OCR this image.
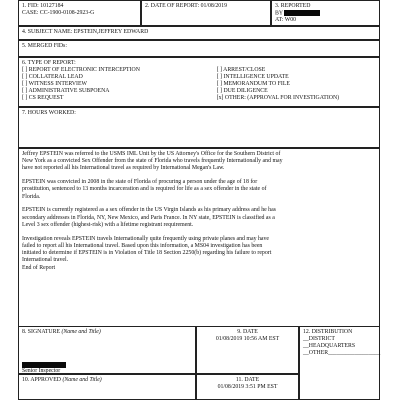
1. FID: 10127184
CASE: CC-1900-0108-2923-G
2. DATE OF REPORT: 01/08/2019	3. REPORTED
BY
AT: W00
4. SUBJECT NAME: EPSTEIN,JEFFREY EDWARD
5. MERGED FIDs:
6. TYPE OF REPORT:
[ ] REPORT OF ELECTRONIC INTERCEPTION
[ ] COLLATERAL LEAD
[ ] WITNESS INTERVIEW
[ ] ADMINISTRATIVE SUBPOENA
[ ] CS REQUEST
[ ] ARREST/CLOSE
[ ] INTELLIGENCE UPDATE
[ ] MEMORANDUM TO FILE
[ ] DUE DILIGENCE
[x] OTHER: (APPROVAL FOR INVESTIGATION)
7. HOURS WORKED:

Jeffrey EPSTEIN was referred to the USMS IML Unit by the US Attorney's Office for the Southern District of
New York as a convicted Sex Offender from the state of Florida who travels frequently Internationally and may
have not reported all his International travel as required by International Megan's Law.

EPSTEIN was convicted in 2008 in the state of Florida of procuring a person under the age of 18 for
prostitution, sentenced to 13 months incarceration and is required for life as a sex offender in the state of
Florida.

EPSTEIN is currently registered as a sex offender in the US Virgin Islands as his primary address and he has
secondary addresses in Florida, NY, New Mexico, and Paris France. In NY state, EPSTEIN is classified as a
Level 3 sex offender (highest-risk) with a lifetime registrant requirement.

Investigation reveals EPSTEIN travels Internationally quite frequently using private planes and may have
failed to report all his International travel. Based upon this information, a MS04 investigation has been
initiated to determine if EPSTEIN is in Violation of Title 18 Section 2250(b) regarding his failure to report
International travel.
End of Report

8. SIGNATURE (Name and Title)
Senior Inspector
9. DATE
01/08/2019 10:56 AM EST
12. DISTRIBUTION
__DISTRICT
__HEADQUARTERS
__OTHER__________________
10. APPROVED (Name and Title)	11. DATE
01/08/2019 3:51 PM EST
